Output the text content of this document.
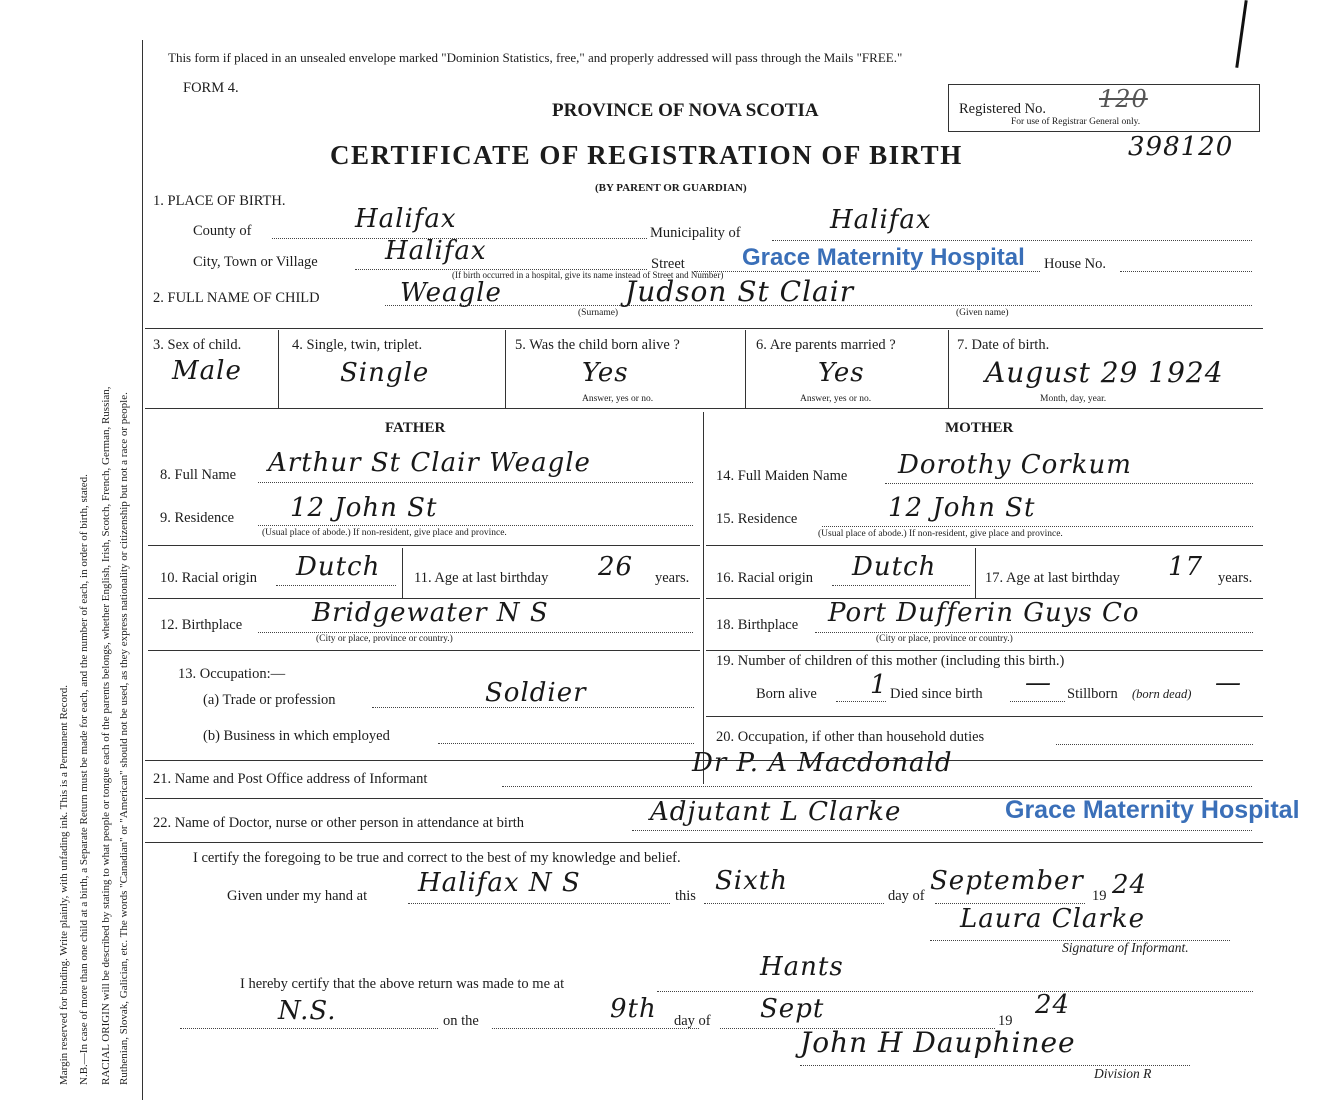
Margin reserved for binding. Write plainly, with unfading ink. This is a Permanent Record. N.B.—In case of more than one child at a birth, a Separate Return must be made for each, and the number of each, in order of birth, stated. RACIAL ORIGIN will be described by stating to what people or tongue each of the parents belongs, whether English, Irish, Scotch, French, German, Russian, Ruthenian, Slovak, Galician, etc. The words "Canadian" or "American" should not be used, as they express nationality or citizenship but not a race or people.
This form if placed in an unsealed envelope marked "Dominion Statistics, free," and properly addressed will pass through the Mails "FREE."
FORM 4.
PROVINCE OF NOVA SCOTIA
CERTIFICATE OF REGISTRATION OF BIRTH
(BY PARENT OR GUARDIAN)
Registered No. 120
For use of Registrar General only.
398120
1. PLACE OF BIRTH.
County of	Halifax	Municipality of	Halifax
City, Town or Village	Halifax	Street Grace Maternity Hospital
(If birth occurred in a hospital, give its name instead of Street and Number)
House No.
2. FULL NAME OF CHILD	Weagle
(Surname)
Judson St Clair
(Given name)
3. Sex of child.
Male
4. Single, twin, triplet.
Single
5. Was the child born alive ?
Yes
Answer, yes or no.
6. Are parents married ?
Yes
Answer, yes or no.
7. Date of birth.
August 29 1924
Month, day, year.
FATHER
8. Full Name Arthur St Clair Weagle
9. Residence 12 John St
(Usual place of abode.) If non-resident, give place and province.
10. Racial origin Dutch 11. Age at last birthday 26 years.
12. Birthplace	Bridgewater N S
(City or place, province or country.)
13. Occupation:—
(a) Trade or profession	Soldier
(b) Business in which employed
MOTHER
14. Full Maiden Name Dorothy Corkum
15. Residence	12 John St
(Usual place of abode.) If non-resident, give place and province.
16. Racial origin Dutch	17. Age at last birthday 17 years.
18. Birthplace Port Dufferin Guys Co
(City or place, province or country.)
19. Number of children of this mother (including this birth.)
Born alive 1 Died since birth — Stillborn (born dead) —
20. Occupation, if other than household duties
21. Name and Post Office address of Informant
Dr P. A Macdonald
22. Name of Doctor, nurse or other person in attendance at birth	Adjutant L Clarke	Grace Maternity Hospital
I certify the foregoing to be true and correct to the best of my knowledge and belief.
Given under my hand at Halifax N S	this Sixth	day of September 19 24
Laura Clarke
Signature of Informant.
I hereby certify that the above return was made to me at
Hants
N.S.	on the	9th day of Sept	19
24
John H Dauphinee
Division R
